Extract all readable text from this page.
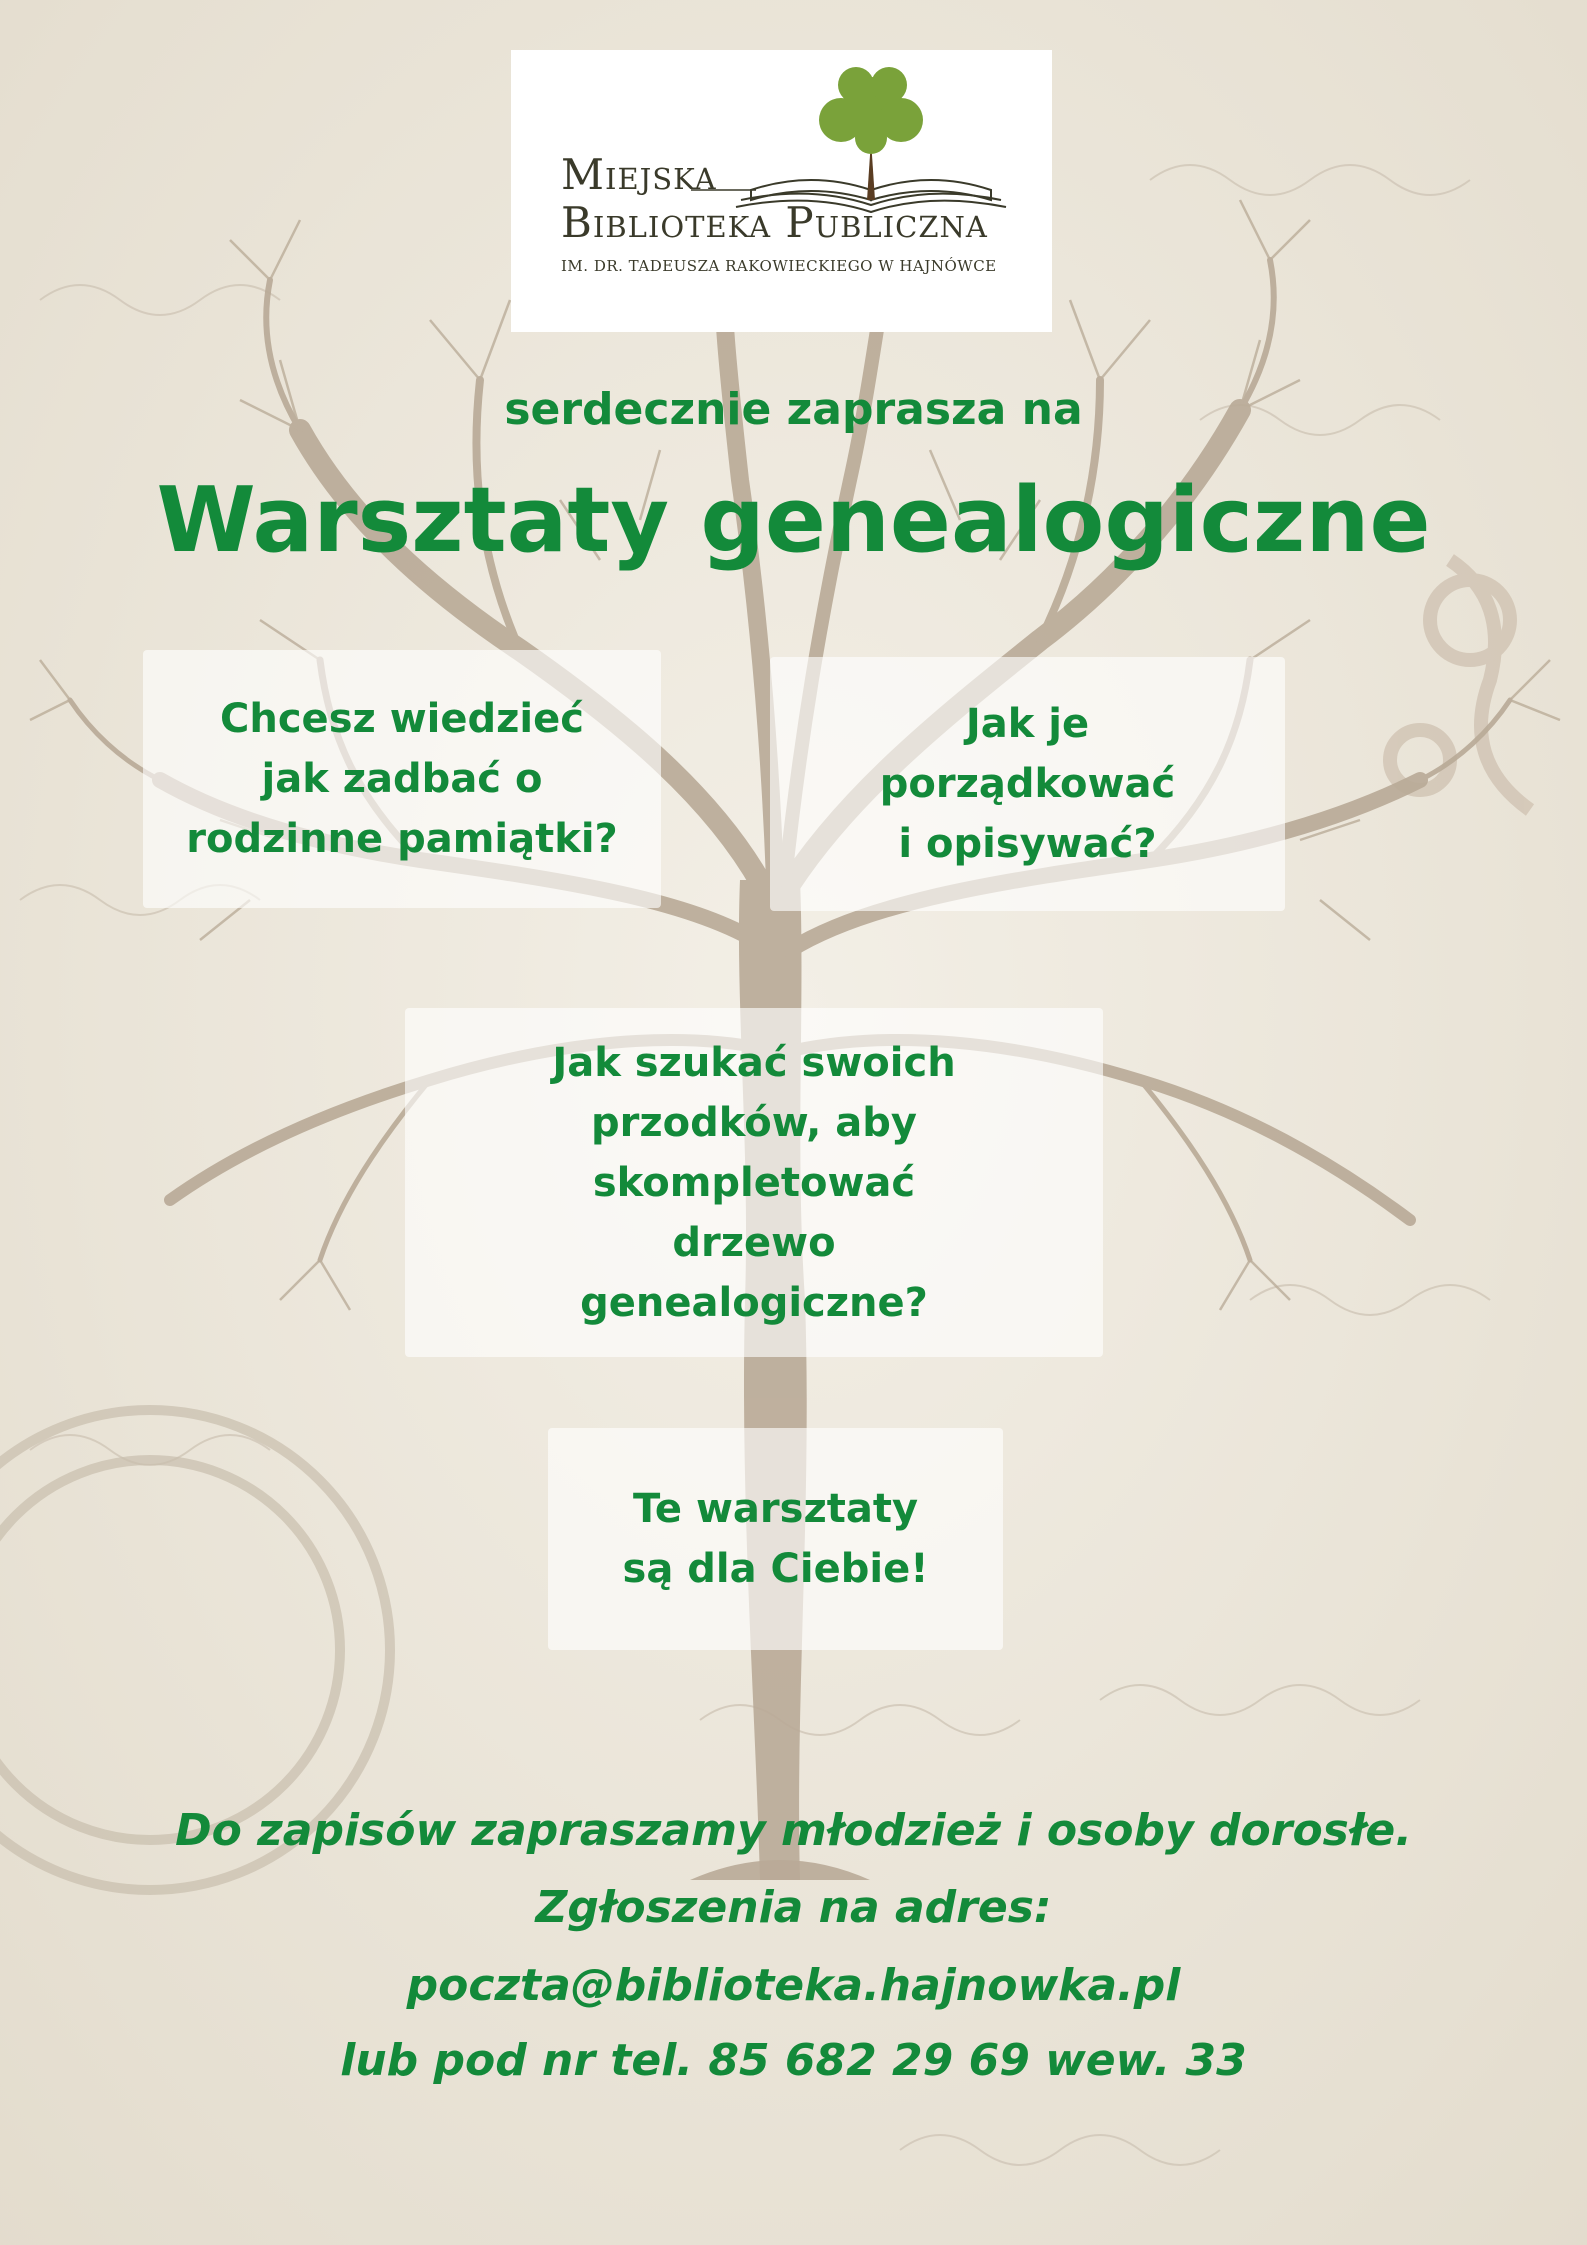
Miejska
Biblioteka Publiczna
IM. DR. TADEUSZA RAKOWIECKIEGO W HAJNÓWCE
serdecznie zaprasza na
Warsztaty genealogiczne
Chcesz wiedzieć
jak zadbać o
rodzinne pamiątki?
Jak je
porządkować
i opisywać?
Jak szukać swoich
przodków, aby
skompletować
drzewo
genealogiczne?
Te warsztaty
są dla Ciebie!
Do zapisów zapraszamy młodzież i osoby dorosłe.
Zgłoszenia na adres:
poczta@biblioteka.hajnowka.pl
lub pod nr tel. 85 682 29 69 wew. 33
